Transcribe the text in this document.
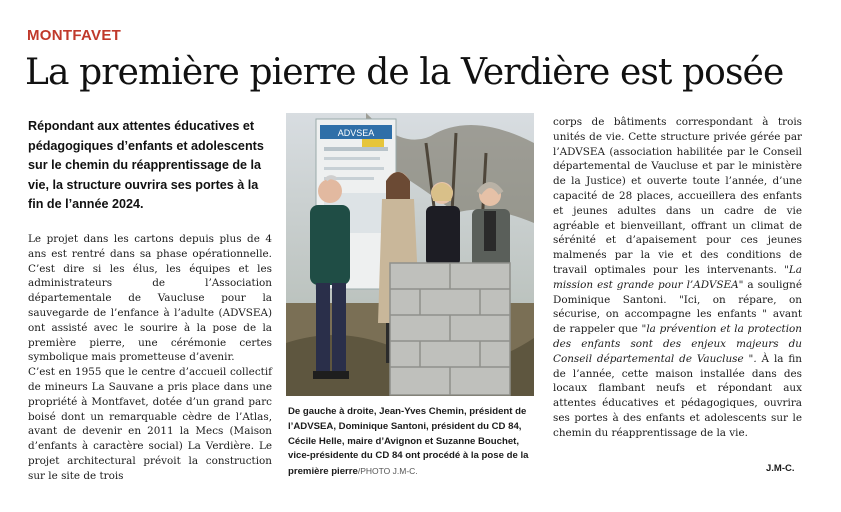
MONTFAVET
La première pierre de la Verdière est posée

Répondant aux attentes éducatives et pédagogiques d’enfants et adolescents sur le chemin du réapprentissage de la vie, la structure ouvrira ses portes à la fin de l’année 2024.

Le projet dans les cartons depuis plus de 4 ans est rentré dans sa phase opérationnelle. C’est dire si les élus, les équipes et les administrateurs de l’Association départementale de Vaucluse pour la sauvegarde de l’enfance à l’adulte (ADVSEA) ont assisté avec le sourire à la pose de la première pierre, une cérémonie certes symbolique mais prometteuse d’avenir.

C’est en 1955 que le centre d’accueil collectif de mineurs La Sauvane a pris place dans une propriété à Montfavet, dotée d’un grand parc boisé dont un remarquable cèdre de l’Atlas, avant de devenir en 2011 la Mecs (Maison d’enfants à caractère social) La Verdière. Le projet architectural prévoit la construction sur le site de trois

ADVSEA

De gauche à droite, Jean-Yves Chemin, président de l’ADVSEA, Dominique Santoni, président du CD 84, Cécile Helle, maire d’Avignon et Suzanne Bouchet, vice-présidente du CD 84 ont procédé à la pose de la première pierre/PHOTO J.M-C.

corps de bâtiments correspondant à trois unités de vie. Cette structure privée gérée par l’ADVSEA (association habilitée par le Conseil départemental de Vaucluse et par le ministère de la Justice) et ouverte toute l’année, d’une capacité de 28 places, accueillera des enfants et jeunes adultes dans un cadre de vie agréable et bienveillant, offrant un climat de sérénité et d’apaisement pour ces jeunes malmenés par la vie et des conditions de travail optimales pour les intervenants. "La mission est grande pour l’ADVSEA" a souligné Dominique Santoni. "Ici, on répare, on sécurise, on accompagne les enfants " avant de rappeler que "la prévention et la protection des enfants sont des enjeux majeurs du Conseil départemental de Vaucluse ". À la fin de l’année, cette maison installée dans des locaux flambant neufs et répondant aux attentes éducatives et pédagogiques, ouvrira ses portes à des enfants et adolescents sur le chemin du réapprentissage de la vie.

J.M-C.
